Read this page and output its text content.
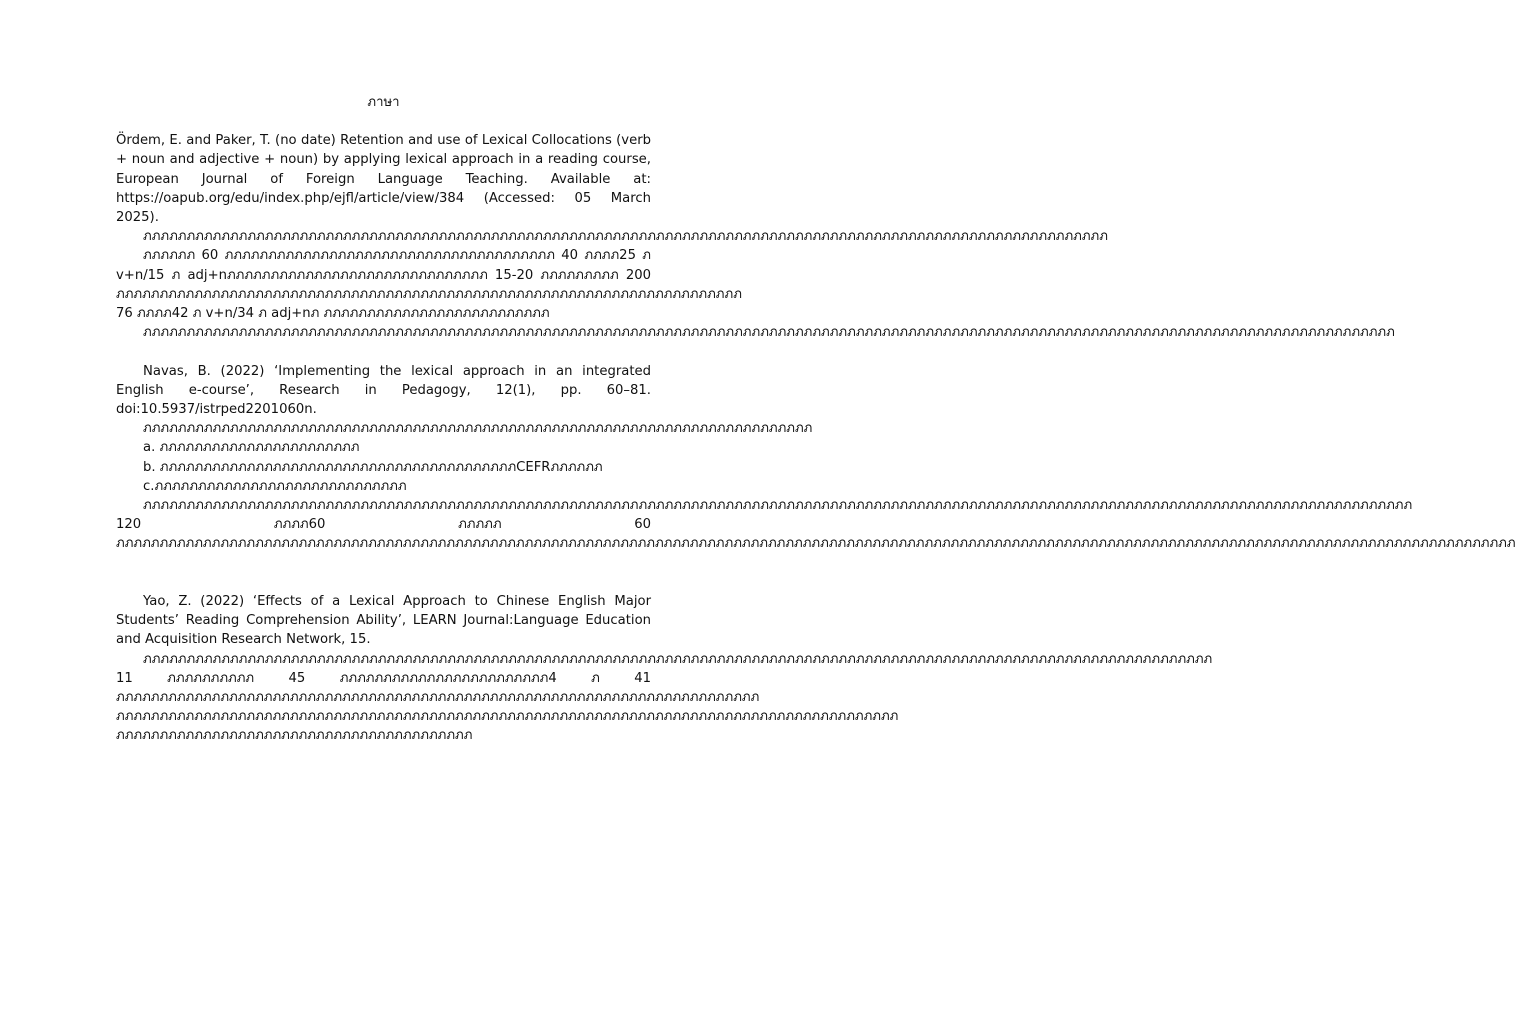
ภาษา

Ördem, E. and Paker, T. (no date) Retention and use of Lexical Collocations (verb + noun and adjective + noun) by applying lexical approach in a reading course, European Journal of Foreign Language Teaching. Available at: https://oapub.org/edu/index.php/ejfl/article/view/384 (Accessed: 05 March 2025).

ภภภภภภภภภภภภภภภภภภภภภภภภภภภภภภภภภภภภภภภภภภภภภภภภภภภภภภภภภภภภภภภภภภภภภภภภภภภภภภภภภภภภภภภภภภภภภภภภภภภภภภภภภภภภภภภ

ภภภภภภ 60 ภภภภภภภภภภภภภภภภภภภภภภภภภภภภภภภภภภภภภภ 40 ภภภภ25 ภ v+n/15 ภ adj+nภภภภภภภภภภภภภภภภภภภภภภภภภภภภภภ 15-20 ภภภภภภภภภ 200 ภภภภภภภภภภภภภภภภภภภภภภภภภภภภภภภภภภภภภภภภภภภภภภภภภภภภภภภภภภภภภภภภภภภภภภภภ 76 ภภภภ42 ภ v+n/34 ภ adj+nภ ภภภภภภภภภภภภภภภภภภภภภภภภภภ

ภภภภภภภภภภภภภภภภภภภภภภภภภภภภภภภภภภภภภภภภภภภภภภภภภภภภภภภภภภภภภภภภภภภภภภภภภภภภภภภภภภภภภภภภภภภภภภภภภภภภภภภภภภภภภภภภภภภภภภภภภภภภภภภภภภภภภภภภภภภภภภภภ

Navas, B. (2022) ‘Implementing the lexical approach in an integrated English e-course’, Research in Pedagogy, 12(1), pp. 60–81. doi:10.5937/istrped2201060n.

ภภภภภภภภภภภภภภภภภภภภภภภภภภภภภภภภภภภภภภภภภภภภภภภภภภภภภภภภภภภภภภภภภภภภภภภภภภภภภ

a. ภภภภภภภภภภภภภภภภภภภภภภภ

b. ภภภภภภภภภภภภภภภภภภภภภภภภภภภภภภภภภภภภภภภภภCEFRภภภภภภ

c.ภภภภภภภภภภภภภภภภภภภภภภภภภภภภภ

ภภภภภภภภภภภภภภภภภภภภภภภภภภภภภภภภภภภภภภภภภภภภภภภภภภภภภภภภภภภภภภภภภภภภภภภภภภภภภภภภภภภภภภภภภภภภภภภภภภภภภภภภภภภภภภภภภภภภภภภภภภภภภภภภภภภภภภภภภภภภภภภภภภ 120 ภภภภ60 ภภภภภ 60 ภภภภภภภภภภภภภภภภภภภภภภภภภภภภภภภภภภภภภภภภภภภภภภภภภภภภภภภภภภภภภภภภภภภภภภภภภภภภภภภภภภภภภภภภภภภภภภภภภภภภภภภภภภภภภภภภภภภภภภภภภภภภภภภภภภภภภภภภภภภภภภภภภภภภภภภภภภภภภภภภภ

Yao, Z. (2022) ‘Effects of a Lexical Approach to Chinese English Major Students’ Reading Comprehension Ability’, LEARN Journal:Language Education and Acquisition Research Network, 15.

ภภภภภภภภภภภภภภภภภภภภภภภภภภภภภภภภภภภภภภภภภภภภภภภภภภภภภภภภภภภภภภภภภภภภภภภภภภภภภภภภภภภภภภภภภภภภภภภภภภภภภภภภภภภภภภภภภภภภภภภภภภภ 11 ภภภภภภภภภภ 45 ภภภภภภภภภภภภภภภภภภภภภภภภ4 ภ 41 ภภภภภภภภภภภภภภภภภภภภภภภภภภภภภภภภภภภภภภภภภภภภภภภภภภภภภภภภภภภภภภภภภภภภภภภภภภ ภภภภภภภภภภภภภภภภภภภภภภภภภภภภภภภภภภภภภภภภภภภภภภภภภภภภภภภภภภภภภภภภภภภภภภภภภภภภภภภภภภภภภภภภภภ ภภภภภภภภภภภภภภภภภภภภภภภภภภภภภภภภภภภภภภภภภ
